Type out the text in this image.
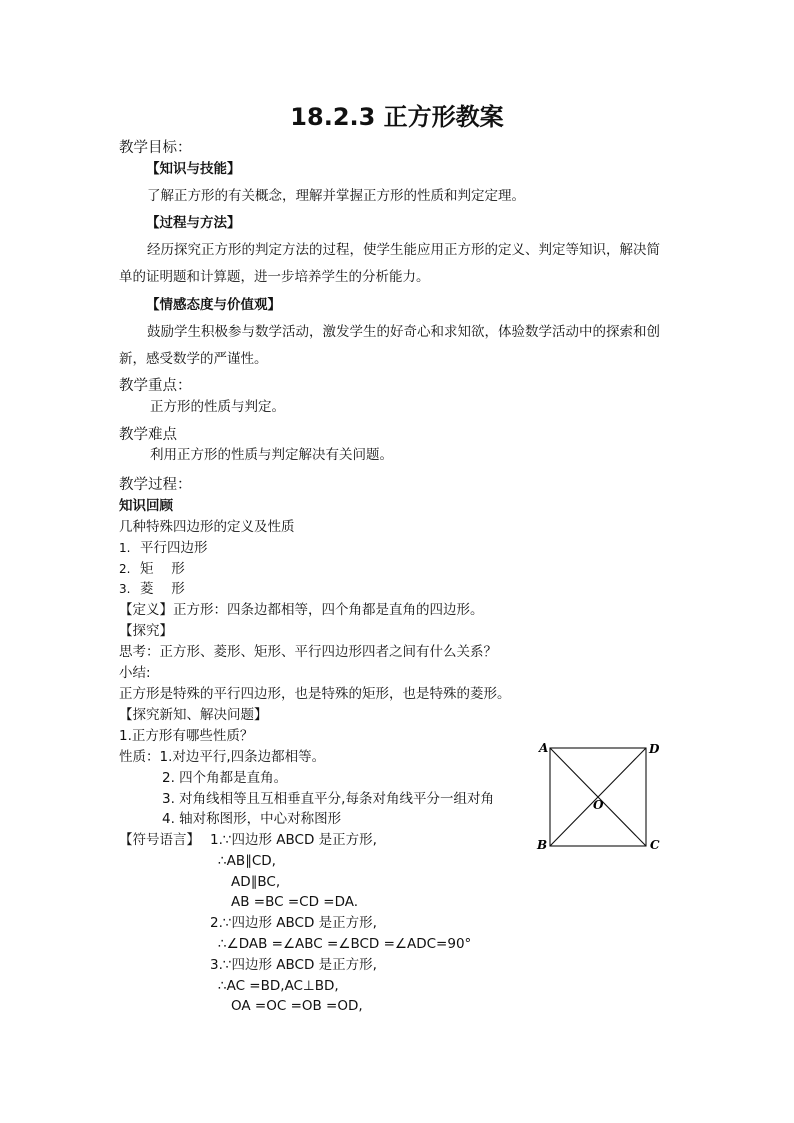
18.2.3 正方形教案
教学目标：
【知识与技能】
了解正方形的有关概念，理解并掌握正方形的性质和判定定理。
【过程与方法】
经历探究正方形的判定方法的过程，使学生能应用正方形的定义、判定等知识，解决简
单的证明题和计算题，进一步培养学生的分析能力。
【情感态度与价值观】
鼓励学生积极参与数学活动，激发学生的好奇心和求知欲，体验数学活动中的探索和创
新，感受数学的严谨性。
教学重点：
正方形的性质与判定。
教学难点
利用正方形的性质与判定解决有关问题。
教学过程：
知识回顾
几种特殊四边形的定义及性质
1. 平行四边形
2. 矩　 形
3. 菱　 形
【定义】正方形：四条边都相等，四个角都是直角的四边形。
【探究】
思考：正方形、菱形、矩形、平行四边形四者之间有什么关系？
小结:
正方形是特殊的平行四边形，也是特殊的矩形，也是特殊的菱形。
【探究新知、解决问题】
1.正方形有哪些性质？
性质：1.对边平行,四条边都相等。
2. 四个角都是直角。
3. 对角线相等且互相垂直平分,每条对角线平分一组对角
4. 轴对称图形，中心对称图形
【符号语言】 1.∵四边形 ABCD 是正方形,
∴AB∥CD,
AD∥BC,
AB =BC =CD =DA.
2.∵四边形 ABCD 是正方形,
∴∠DAB =∠ABC =∠BCD =∠ADC=90°
3.∵四边形 ABCD 是正方形,
∴AC =BD,AC⊥BD,
OA =OC =OB =OD,
A	D
B	C
O
